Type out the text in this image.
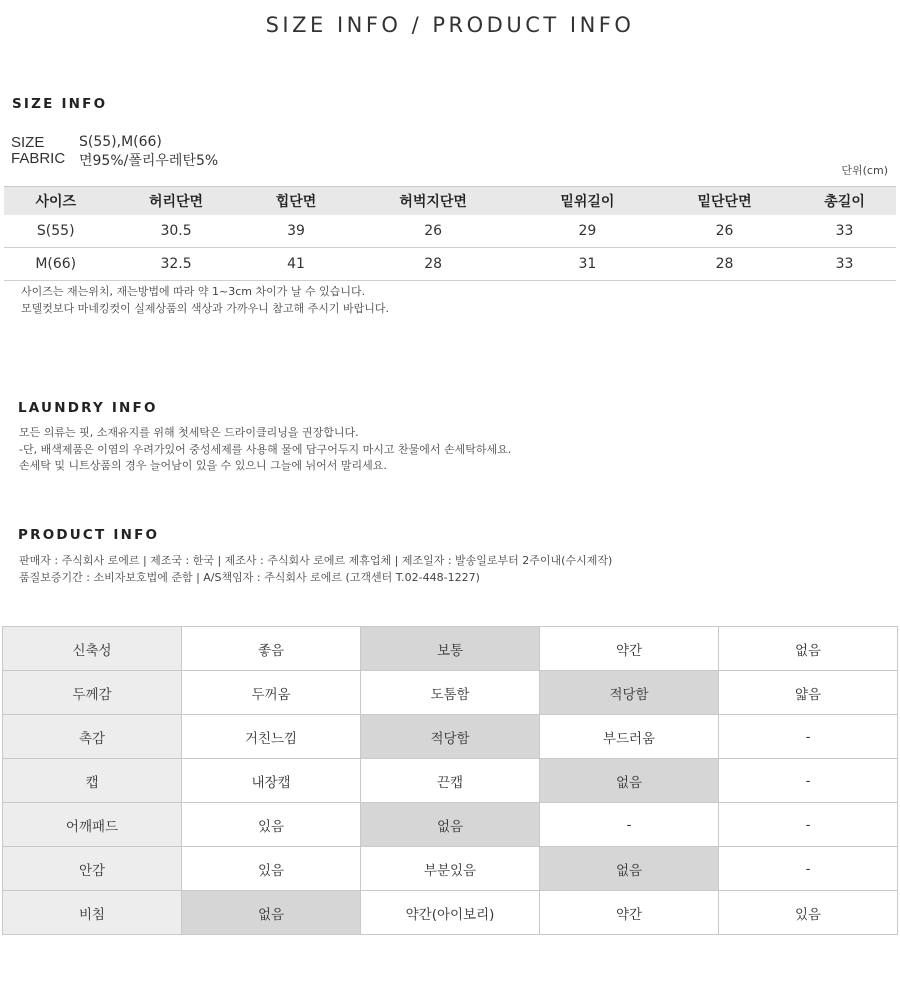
SIZE INFO / PRODUCT INFO
SIZE INFO
SIZE	S(55),M(66)
FABRIC 면95%/폴리우레탄5%
단위(cm)
사이즈	허리단면	힙단면	허벅지단면	밑위길이	밑단단면	총길이
S(55)	30.5	39	26	29	26	33
M(66)	32.5	41	28	31	28	33
사이즈는 재는위치, 재는방법에 따라 약 1~3cm 차이가 날 수 있습니다.
모델컷보다 마네킹컷이 실제상품의 색상과 가까우니 참고해 주시기 바랍니다.
LAUNDRY INFO
모든 의류는 핏, 소재유지를 위해 첫세탁은 드라이클리닝을 권장합니다.
-단, 배색제품은 이염의 우려가있어 중성세제를 사용해 물에 담구어두지 마시고 찬물에서 손세탁하세요.
손세탁 및 니트상품의 경우 늘어남이 있을 수 있으니 그늘에 뉘어서 말리세요.
PRODUCT INFO
판매자 : 주식회사 로에르 | 제조국 : 한국 | 제조사 : 주식회사 로에르 제휴업체 | 제조일자 : 발송일로부터 2주이내(수시제작)
품질보증기간 : 소비자보호법에 준함 | A/S책임자 : 주식회사 로에르 (고객센터 T.02-448-1227)
신축성	좋음	보통	약간	없음
두께감	두꺼움	도톰함	적당함	얇음
촉감	거친느낌	적당함	부드러움	-
캡	내장캡	끈캡	없음	-
어깨패드	있음	없음	-	-
안감	있음	부분있음	없음	-
비침	없음	약간(아이보리)	약간	있음
